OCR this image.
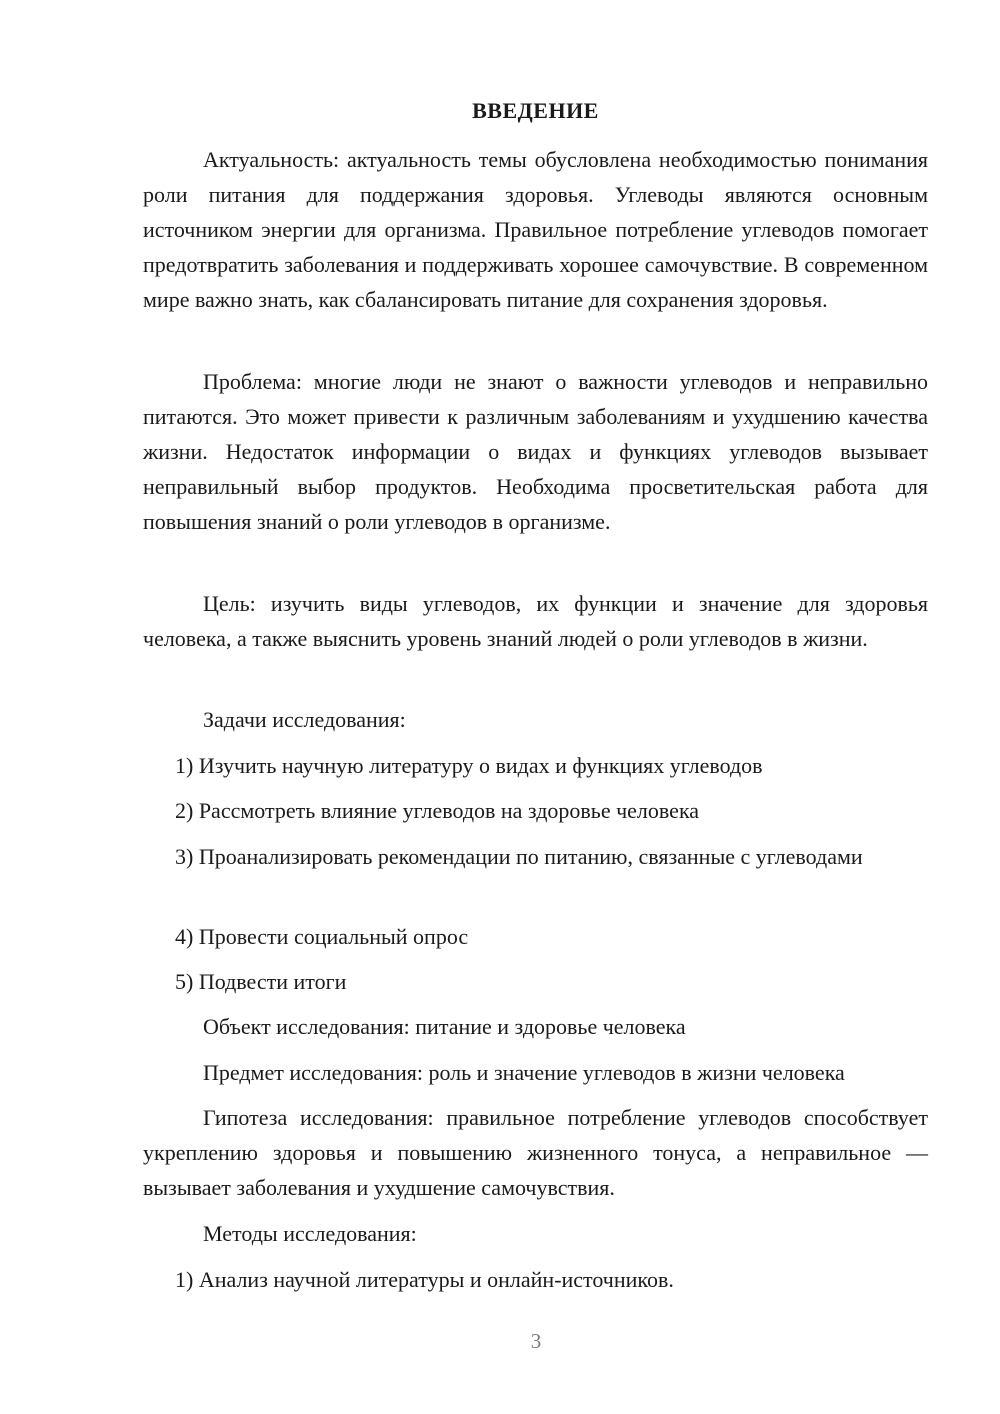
ВВЕДЕНИЕ

Актуальность: актуальность темы обусловлена необходимостью понимания роли питания для поддержания здоровья. Углеводы являются основным источником энергии для организма. Правильное потребление углеводов помогает предотвратить заболевания и поддерживать хорошее самочувствие. В современном мире важно знать, как сбалансировать питание для сохранения здоровья.

Проблема: многие люди не знают о важности углеводов и неправильно питаются. Это может привести к различным заболеваниям и ухудшению качества жизни. Недостаток информации о видах и функциях углеводов вызывает неправильный выбор продуктов. Необходима просветительская работа для повышения знаний о роли углеводов в организме.

Цель: изучить виды углеводов, их функции и значение для здоровья человека, а также выяснить уровень знаний людей о роли углеводов в жизни.

Задачи исследования:

1) Изучить научную литературу о видах и функциях углеводов

2) Рассмотреть влияние углеводов на здоровье человека

3) Проанализировать рекомендации по питанию, связанные с углеводами

4) Провести социальный опрос

5) Подвести итоги

Объект исследования: питание и здоровье человека

Предмет исследования: роль и значение углеводов в жизни человека

Гипотеза исследования: правильное потребление углеводов способствует укреплению здоровья и повышению жизненного тонуса, а неправильное — вызывает заболевания и ухудшение самочувствия.

Методы исследования:

1) Анализ научной литературы и онлайн-источников.

3
